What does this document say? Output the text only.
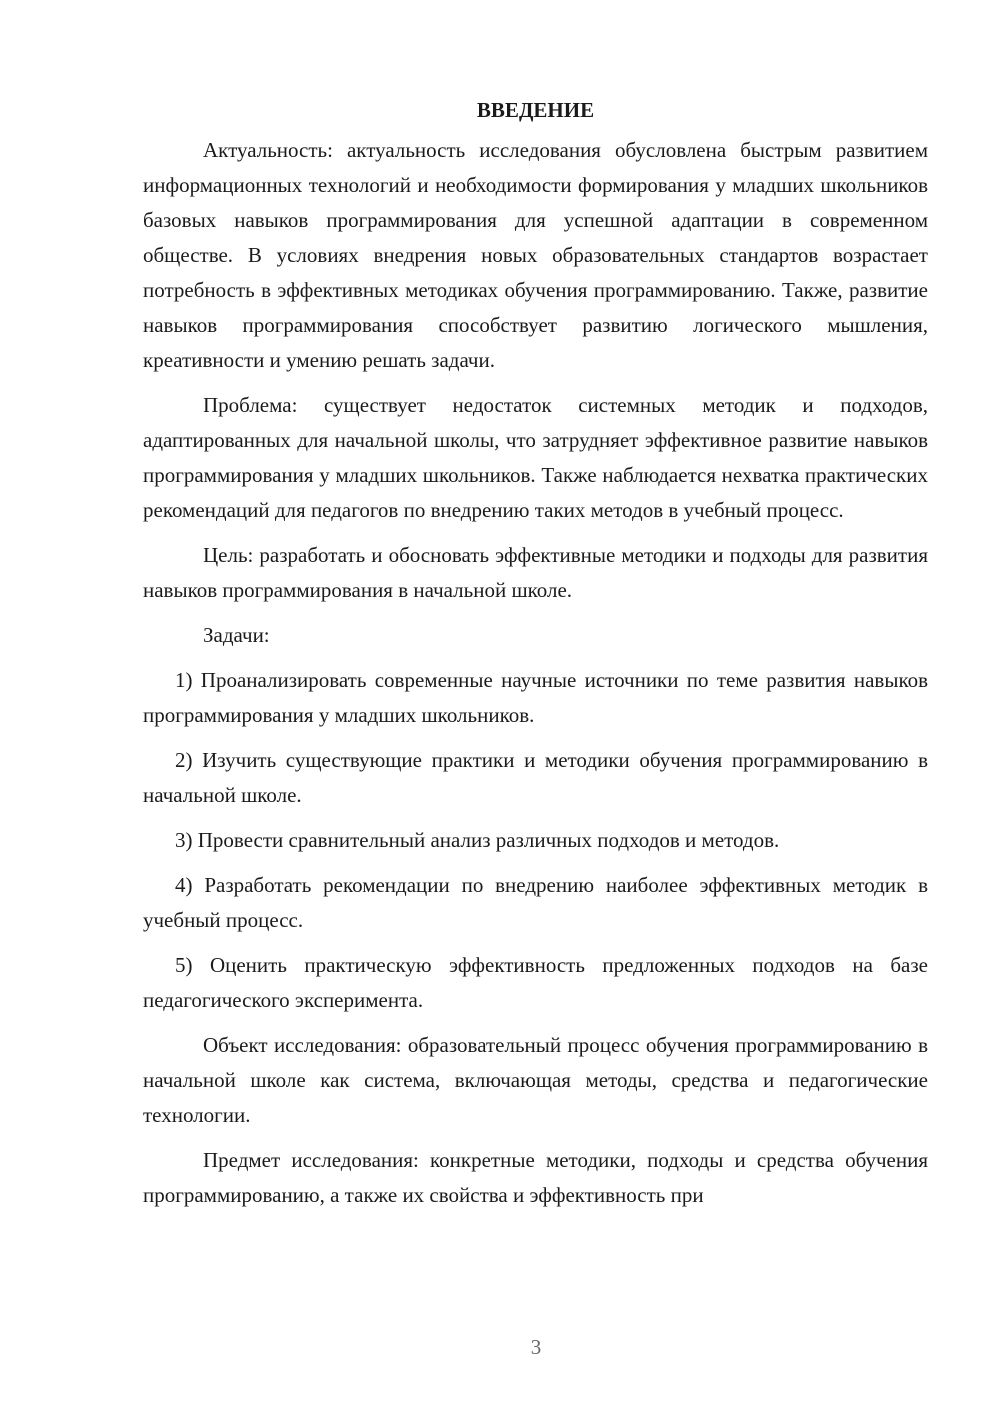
ВВЕДЕНИЕ

Актуальность: актуальность исследования обусловлена быстрым развитием информационных технологий и необходимости формирования у младших школьников базовых навыков программирования для успешной адаптации в современном обществе. В условиях внедрения новых образовательных стандартов возрастает потребность в эффективных методиках обучения программированию. Также, развитие навыков программирования способствует развитию логического мышления, креативности и умению решать задачи.

Проблема: существует недостаток системных методик и подходов, адаптированных для начальной школы, что затрудняет эффективное развитие навыков программирования у младших школьников. Также наблюдается нехватка практических рекомендаций для педагогов по внедрению таких методов в учебный процесс.

Цель: разработать и обосновать эффективные методики и подходы для развития навыков программирования в начальной школе.

Задачи:

1) Проанализировать современные научные источники по теме развития навыков программирования у младших школьников.

2) Изучить существующие практики и методики обучения программированию в начальной школе.

3) Провести сравнительный анализ различных подходов и методов.

4) Разработать рекомендации по внедрению наиболее эффективных методик в учебный процесс.

5) Оценить практическую эффективность предложенных подходов на базе педагогического эксперимента.

Объект исследования: образовательный процесс обучения программированию в начальной школе как система, включающая методы, средства и педагогические технологии.

Предмет исследования: конкретные методики, подходы и средства обучения программированию, а также их свойства и эффективность при

3
